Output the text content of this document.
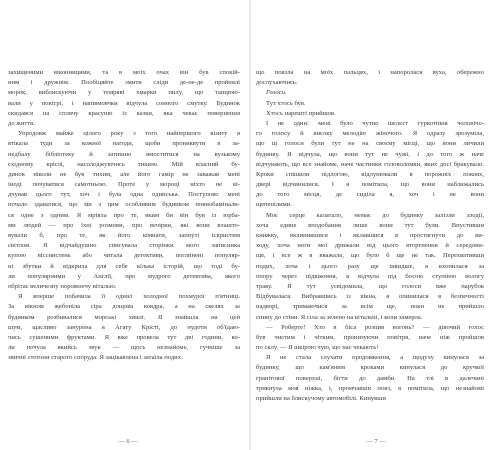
захищеними віконницями, та в моїх очах він був спокій-
ним і дружнім. Пообіцяйте змити сліди де-не-де пройнялі
морок, виблискуючи у темряві хмарки пилу, що танцюю-
вали у повітрі, і напівмовчки відчула сонного смутку. Будинок
скидався на сплячу красуню із казки, яка чекає повернення
до життя.
Упродовж майже цілого року з того найпершого візиту я
втікала туди за кожної нагоди, щоби прониквути в за-
недбалу бібліотеку й затишно вмоститися на вузькому
східному кріслі, насолоджуючись тишею. Мій власний бу-
динок ніколи не був тихим, але його гамір не заважав мені
іноді почуватися самотньою. Проте у мороці ніхто не ві-
дчував цього тут, хоч і була одна одинська. Поступово мені
почало здаватися, що ми з цим особливим будинком повнобамінали-
ся одне з одним. Я мріяла про те, яким би він був із юрба-
ми людей — про їхні розмови, про вечірки, які вони влашто-
вували б, про те, як його кімнати, запнуті іскристим
світлом. Я відчайдушно списувала сторінки мого записника
купою вісснистень або читала детективи, поглинені популяр-
ні збутки й відкрила для себе кілька історій, що тоді бу-
ли популярними у Англії, про мудрого детектива, якого
обрітає величезну порожнечу віталью.
Я вперше побачила її однієї холодної похмурої п'ятниці.
За вікном жебоніла сіра дощова ковдра, а на скелях за
будинком розбивалися морські хвилі. Я знайшла на цей
шум, щасливо занурена в Агату Крісті, до нудоти об'їдаю-
чись сушеними фруктами. Я вже провела тут дві години, ко-
ли почула якийсь звук — щось незнайоме, гучніше за
звичні стогони старого споруда. Я зацікавлена і затаїла подих.
— 6 —
що повзла на моїх пальцях, і напоролася вуха, обережно
дослухаючись.
Голоси.
Тут хтось був.
Хтось нарешті прийшов.
І не один: мені було чутно шелест гуркотіння чоловічо-
го голосу й високу мелодію жіночого. Я одразу зрозуміла,
що ці голоси були тут не на своєму місці, що вони личили
будинку. Я відчула, що вони тут не чужі, і до того ж наче
відчувають, що все знайоме, наче частинки головоломки, яких досі бракувало.
Кроки спішили підлогою, відлунювали в порожніх покоях,
двері відчинилися. І я помітила, що вони наближались
до того місця, де сиділа я, хоч і не вони
щепенілими.
Моє серце калатало, немає до будинку залізли злодії,
хоча едине вподобання лише вони тут були. Впустивши
книжку, вклинившися і вклавшися в простягнути до ви-
ходу, хоча ноги мої дрижали від цього вторгнення й середови-
ще, і все ж я вважала, що було б ще не так. Перехвативши
подих, хоча і цього разу ще швидше, я вхопилася за
опору через підвіконня, я відчула під босою ступнею вологу
траву. Я тут усвідомила, що голоси вже парубок
Відбувалася. Вибравшись із вікна, я опинилася в безпечності
надворі, тримаючися за всім ще, поки не прийшло
спину до стіни. Я сіла за зелено на вітальні, і коли замерла.
— Роберте! Хто в біса розпив вогонь? — дівочий голос
був чистим і чітким, пронизуючи повітря, наче ніж пройшов
по склу. — Я шкірою чую, що нас чекають!
Я не стала слухати продовження, а щодуху кинулася за
будинку, що кам'яним кроками кинулася до кручкої
гранітової поверхні, бігти до дамби. На тлі в далечині
трикнула моя ніжка, і, промчавши повз, я помітила, що незнайомі
прийшли на блискучому автомобілі. Кинувши
— 7 —
